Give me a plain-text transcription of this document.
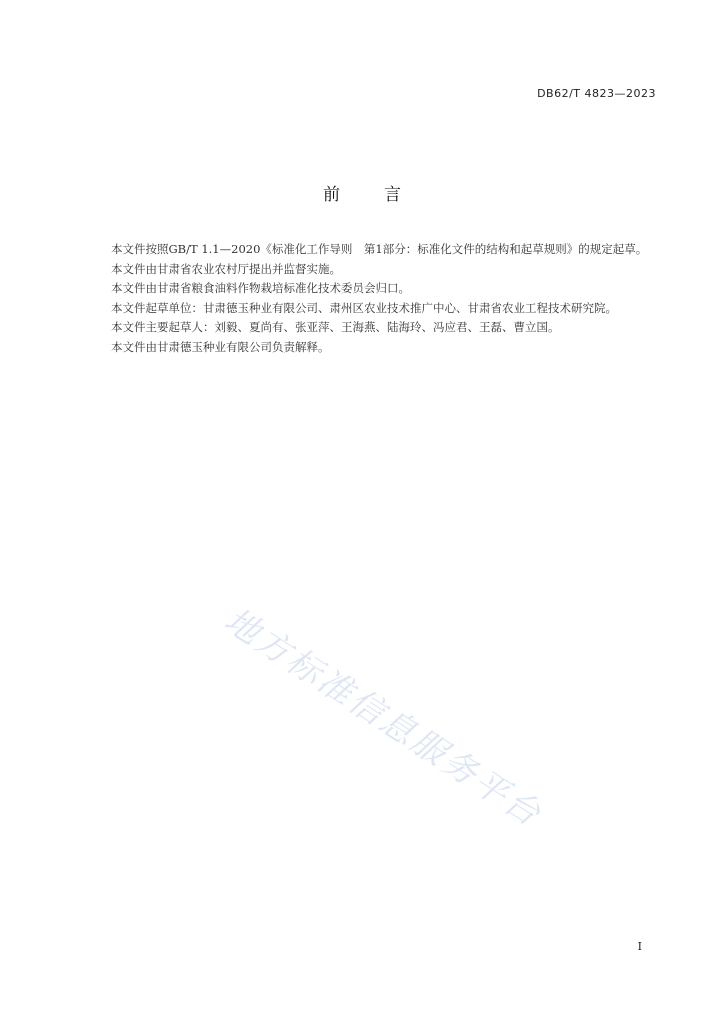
DB62/T 4823—2023
前	言

本文件按照GB/T 1.1—2020《标准化工作导则　第1部分：标准化文件的结构和起草规则》的规定起草。

本文件由甘肃省农业农村厅提出并监督实施。

本文件由甘肃省粮食油料作物栽培标准化技术委员会归口。

本文件起草单位：甘肃德玉种业有限公司、肃州区农业技术推广中心、甘肃省农业工程技术研究院。

本文件主要起草人：刘毅、夏尚有、张亚萍、王海燕、陆海玲、冯应君、王磊、曹立国。

本文件由甘肃德玉种业有限公司负责解释。

地方标准信息服务平台
I
